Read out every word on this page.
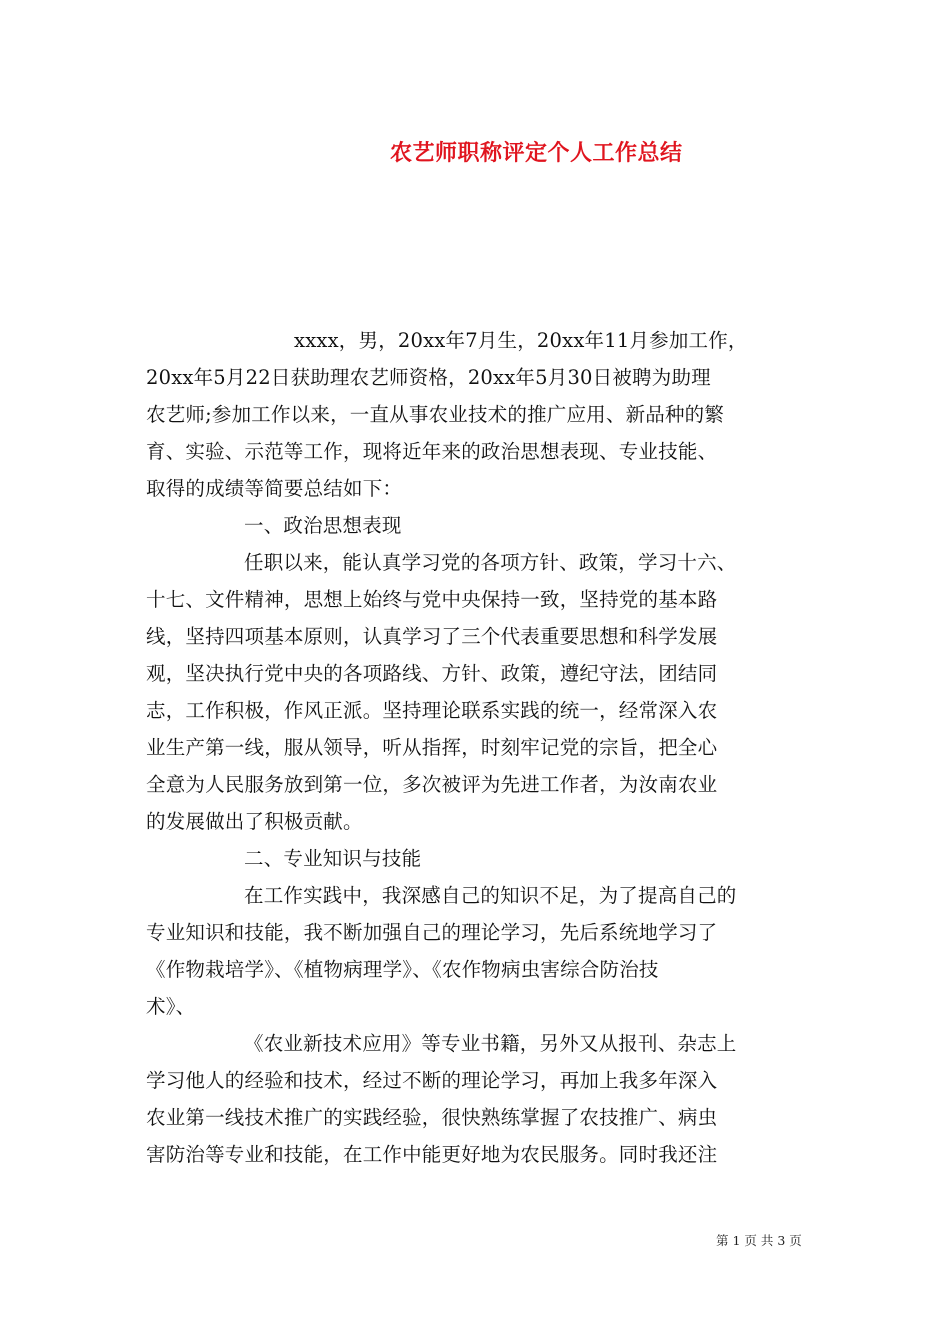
农艺师职称评定个人工作总结
xxxx，男，20xx年7月生，20xx年11月参加工作，
20xx年5月22日获助理农艺师资格，20xx年5月30日被聘为助理
农艺师;参加工作以来，一直从事农业技术的推广应用、新品种的繁
育、实验、示范等工作，现将近年来的政治思想表现、专业技能、
取得的成绩等简要总结如下：
一、政治思想表现
任职以来，能认真学习党的各项方针、政策，学习十六、
十七、文件精神，思想上始终与党中央保持一致，坚持党的基本路
线，坚持四项基本原则，认真学习了三个代表重要思想和科学发展
观，坚决执行党中央的各项路线、方针、政策，遵纪守法，团结同
志，工作积极，作风正派。坚持理论联系实践的统一，经常深入农
业生产第一线，服从领导，听从指挥，时刻牢记党的宗旨，把全心
全意为人民服务放到第一位，多次被评为先进工作者，为汝南农业
的发展做出了积极贡献。
二、专业知识与技能
在工作实践中，我深感自己的知识不足，为了提高自己的
专业知识和技能，我不断加强自己的理论学习，先后系统地学习了
《作物栽培学》、《植物病理学》、《农作物病虫害综合防治技
术》、
《农业新技术应用》等专业书籍，另外又从报刊、杂志上
学习他人的经验和技术，经过不断的理论学习，再加上我多年深入
农业第一线技术推广的实践经验，很快熟练掌握了农技推广、病虫
害防治等专业和技能，在工作中能更好地为农民服务。同时我还注
第 1 页 共 3 页
